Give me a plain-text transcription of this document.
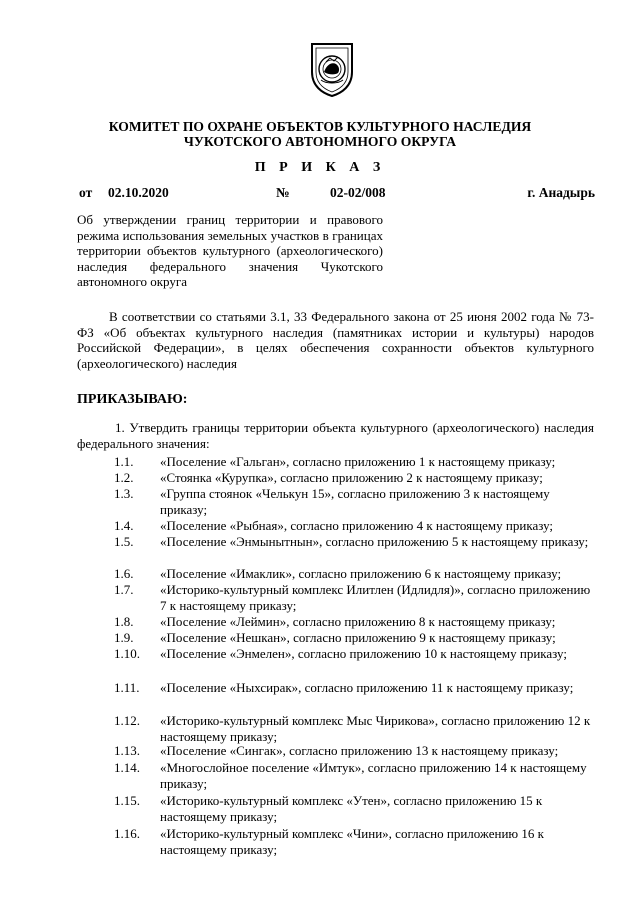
КОМИТЕТ ПО ОХРАНЕ ОБЪЕКТОВ КУЛЬТУРНОГО НАСЛЕДИЯ
ЧУКОТСКОГО АВТОНОМНОГО ОКРУГА
П Р И К А З
от 02.10.2020	№	02-02/008	г. Анадырь
Об утверждении границ территории и правового режима использования земельных участков в границах территории объектов культурного (археологического) наследия федерального значения Чукотского автономного округа
В соответствии со статьями 3.1, 33 Федерального закона от 25 июня 2002 года № 73-ФЗ «Об объектах культурного наследия (памятниках истории и культуры) народов Российской Федерации», в целях обеспечения сохранности объектов культурного (археологического) наследия
ПРИКАЗЫВАЮ:
1. Утвердить границы территории объекта культурного (археологического) наследия федерального значения:
1.1.	«Поселение «Гальган», согласно приложению 1 к настоящему приказу;
1.2.	«Стоянка «Курупка», согласно приложению 2 к настоящему приказу;
1.3.	«Группа стоянок «Челькун 15», согласно приложению 3 к настоящему приказу;
1.4.	«Поселение «Рыбная», согласно приложению 4 к настоящему приказу;
1.5.	«Поселение «Энмынытнын», согласно приложению 5 к настоящему приказу;
1.6.	«Поселение «Имаклик», согласно приложению 6 к настоящему приказу;
1.7.	«Историко-культурный комплекс Илитлен (Идлидля)», согласно приложению 7 к настоящему приказу;
1.8.	«Поселение «Леймин», согласно приложению 8 к настоящему приказу;
1.9.	«Поселение «Нешкан», согласно приложению 9 к настоящему приказу;
1.10.	«Поселение «Энмелен», согласно приложению 10 к настоящему приказу;
1.11.	«Поселение «Ныхсирак», согласно приложению 11 к настоящему приказу;
1.12.	«Историко-культурный комплекс Мыс Чирикова», согласно приложению 12 к настоящему приказу;
1.13.	«Поселение «Сингак», согласно приложению 13 к настоящему приказу;
1.14.	«Многослойное поселение «Имтук», согласно приложению 14 к настоящему приказу;
1.15.	«Историко-культурный комплекс «Утен», согласно приложению 15 к настоящему приказу;
1.16.	«Историко-культурный комплекс «Чини», согласно приложению 16 к настоящему приказу;
